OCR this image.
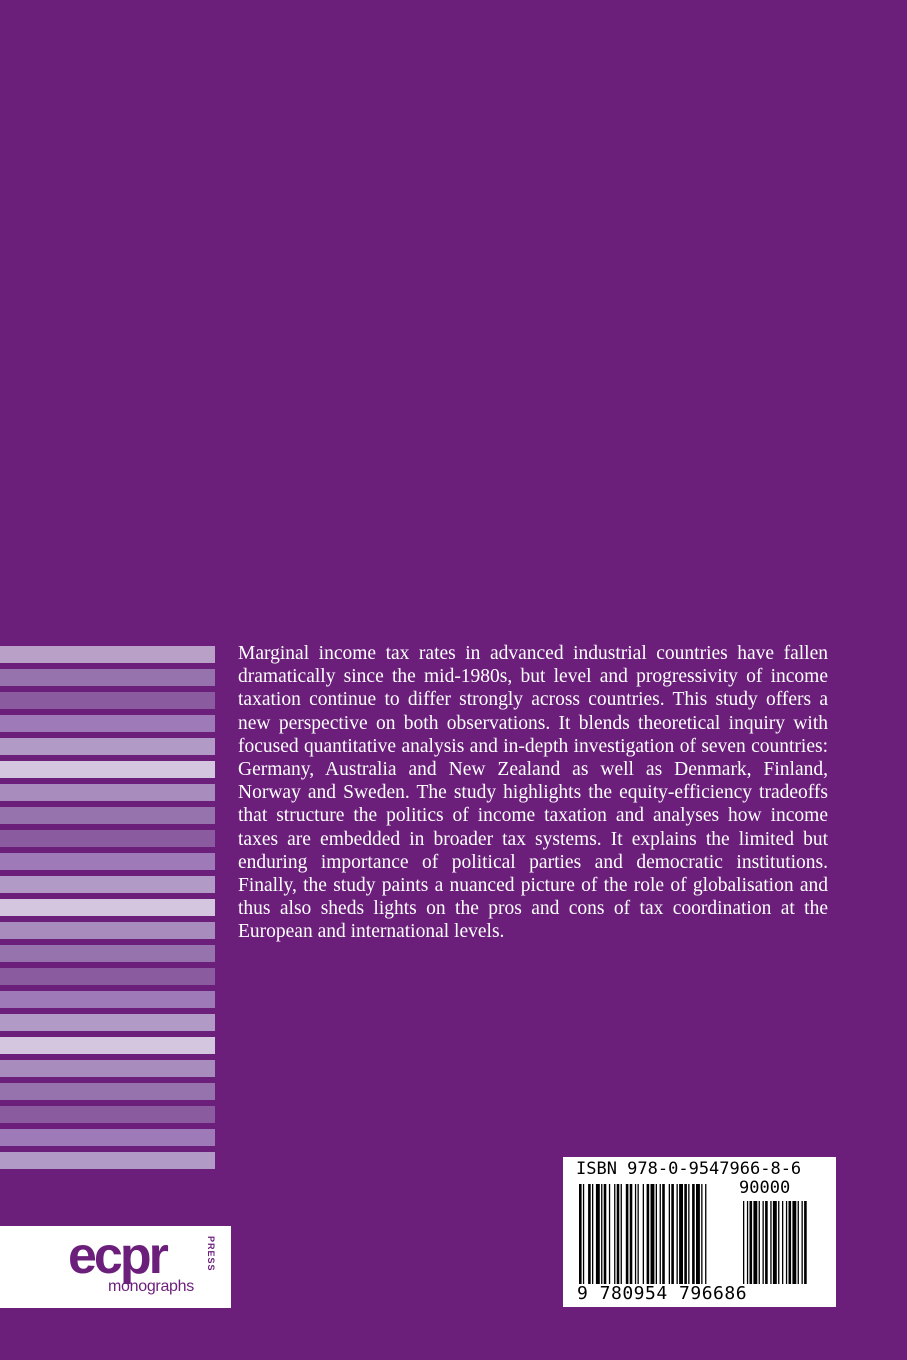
Marginal income tax rates in advanced industrial countries have fallen dramatically since the mid-1980s, but level and progressivity of income taxation continue to differ strongly across countries. This study offers a new perspective on both observations. It blends theoretical inquiry with focused quantitative analysis and in-depth investigation of seven countries: Germany, Australia and New Zealand as well as Denmark, Finland, Norway and Sweden. The study highlights the equity-efficiency tradeoffs that structure the politics of income taxation and analyses how income taxes are embedded in broader tax systems. It explains the limited but enduring importance of political parties and democratic institutions. Finally, the study paints a nuanced picture of the role of globalisation and thus also sheds lights on the pros and cons of tax coordination at the European and international levels.

ecpr	PRESS
monographs
ISBN 978-0-9547966-8-6
90000
9 780954 796686
